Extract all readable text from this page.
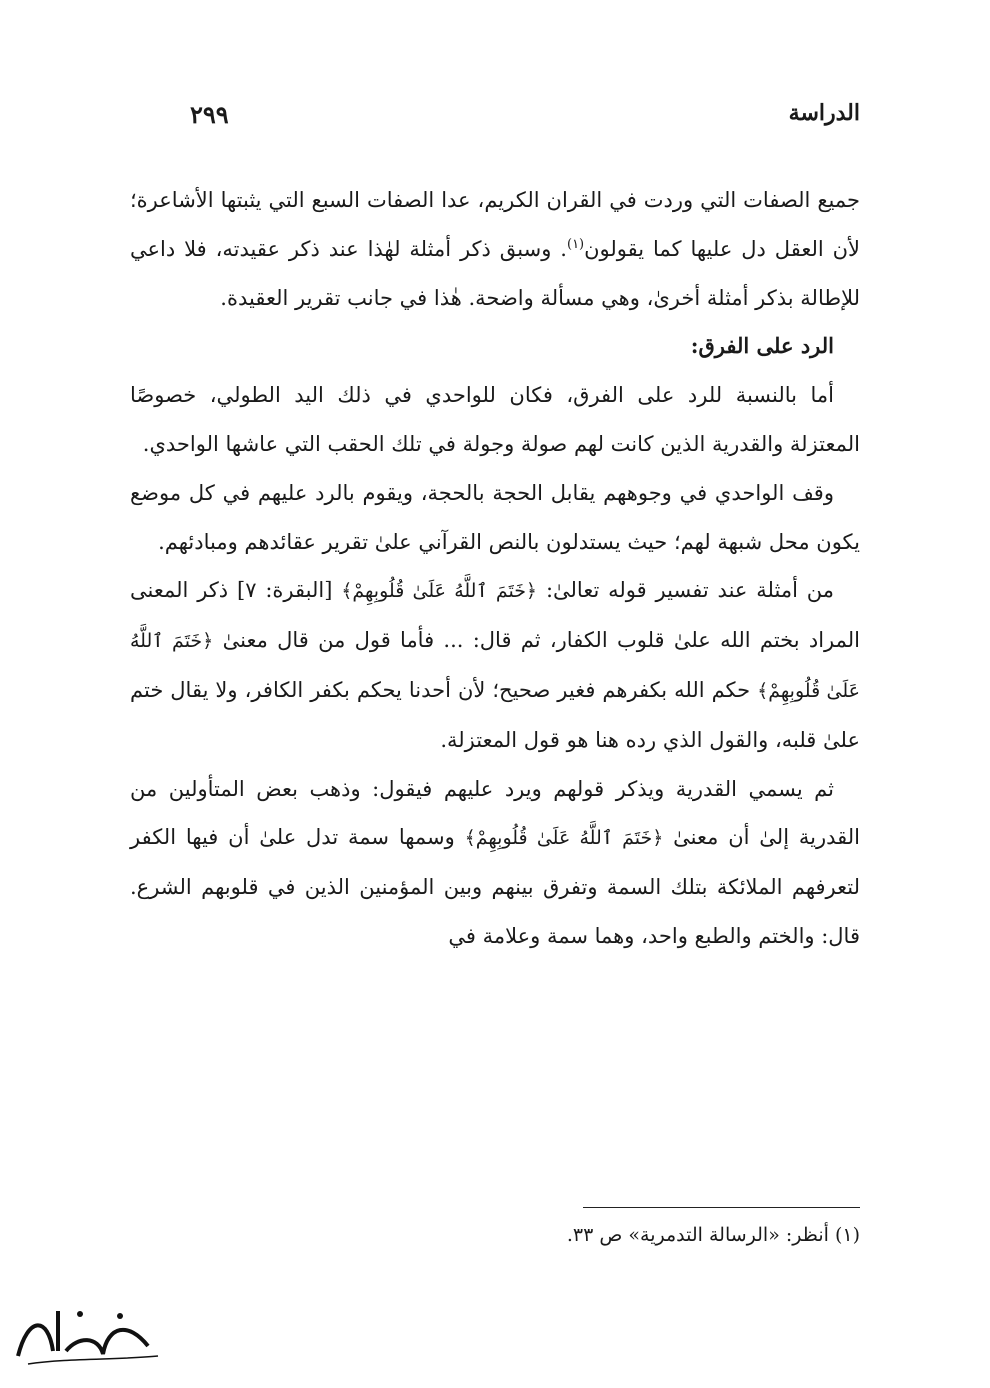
الدراسة
٢٩٩

جميع الصفات التي وردت في القران الكريم، عدا الصفات السبع التي يثبتها الأشاعرة؛ لأن العقل دل عليها كما يقولون$^{(١)}$. وسبق ذكر أمثلة لهٰذا عند ذكر عقيدته، فلا داعي للإطالة بذكر أمثلة أخرىٰ، وهي مسألة واضحة. هٰذا في جانب تقرير العقيدة.

الرد على الفرق:

أما بالنسبة للرد على الفرق، فكان للواحدي في ذلك اليد الطولي، خصوصًا المعتزلة والقدرية الذين كانت لهم صولة وجولة في تلك الحقب التي عاشها الواحدي.

وقف الواحدي في وجوههم يقابل الحجة بالحجة، ويقوم بالرد عليهم في كل موضع يكون محل شبهة لهم؛ حيث يستدلون بالنص القرآني علىٰ تقرير عقائدهم ومبادئهم.

من أمثلة عند تفسير قوله تعالىٰ: ﴿خَتَمَ ٱللَّهُ عَلَىٰ قُلُوبِهِمْ﴾ [البقرة: ٧] ذكر المعنى المراد بختم الله علىٰ قلوب الكفار، ثم قال: ... فأما قول من قال معنىٰ ﴿خَتَمَ ٱللَّهُ عَلَىٰ قُلُوبِهِمْ﴾ حكم الله بكفرهم فغير صحيح؛ لأن أحدنا يحكم بكفر الكافر، ولا يقال ختم علىٰ قلبه، والقول الذي رده هنا هو قول المعتزلة.

ثم يسمي القدرية ويذكر قولهم ويرد عليهم فيقول: وذهب بعض المتأولين من القدرية إلىٰ أن معنىٰ ﴿خَتَمَ ٱللَّهُ عَلَىٰ قُلُوبِهِمْ﴾ وسمها سمة تدل علىٰ أن فيها الكفر لتعرفهم الملائكة بتلك السمة وتفرق بينهم وبين المؤمنين الذين في قلوبهم الشرع. قال: والختم والطبع واحد، وهما سمة وعلامة في

(١) أنظر: «الرسالة التدمرية» ص ٣٣.
